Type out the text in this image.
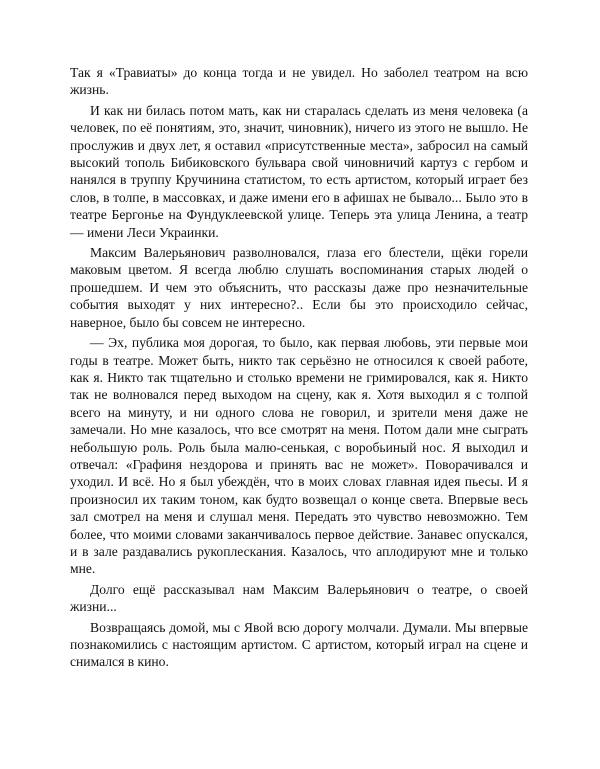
Так я «Травиаты» до конца тогда и не увидел. Но заболел театром на всю жизнь.

И как ни билась потом мать, как ни старалась сделать из меня человека (а человек, по её понятиям, это, значит, чиновник), ничего из этого не вышло. Не прослужив и двух лет, я оставил «присутственные места», забросил на самый высокий тополь Бибиковского бульвара свой чиновничий картуз с гербом и нанялся в труппу Кручинина статистом, то есть артистом, который играет без слов, в толпе, в массовках, и даже имени его в афишах не бывало... Было это в театре Бергонье на Фундуклеевской улице. Теперь эта улица Ленина, а театр — имени Леси Украинки.

Максим Валерьянович разволновался, глаза его блестели, щёки горели маковым цветом. Я всегда люблю слушать воспоминания старых людей о прошедшем. И чем это объяснить, что рассказы даже про незначительные события выходят у них интересно?.. Если бы это происходило сейчас, наверное, было бы совсем не интересно.

— Эх, публика моя дорогая, то было, как первая любовь, эти первые мои годы в театре. Может быть, никто так серьёзно не относился к своей работе, как я. Никто так тщательно и столько времени не гримировался, как я. Никто так не волновался перед выходом на сцену, как я. Хотя выходил я с толпой всего на минуту, и ни одного слова не говорил, и зрители меня даже не замечали. Но мне казалось, что все смотрят на меня. Потом дали мне сыграть небольшую роль. Роль была малю-сенькая, с воробьиный нос. Я выходил и отвечал: «Графиня нездорова и принять вас не может». Поворачивался и уходил. И всё. Но я был убеждён, что в моих словах главная идея пьесы. И я произносил их таким тоном, как будто возвещал о конце света. Впервые весь зал смотрел на меня и слушал меня. Передать это чувство невозможно. Тем более, что моими словами заканчивалось первое действие. Занавес опускался, и в зале раздавались рукоплескания. Казалось, что аплодируют мне и только мне.

Долго ещё рассказывал нам Максим Валерьянович о театре, о своей жизни...

Возвращаясь домой, мы с Явой всю дорогу молчали. Думали. Мы впервые познакомились с настоящим артистом. С артистом, который играл на сцене и снимался в кино.
